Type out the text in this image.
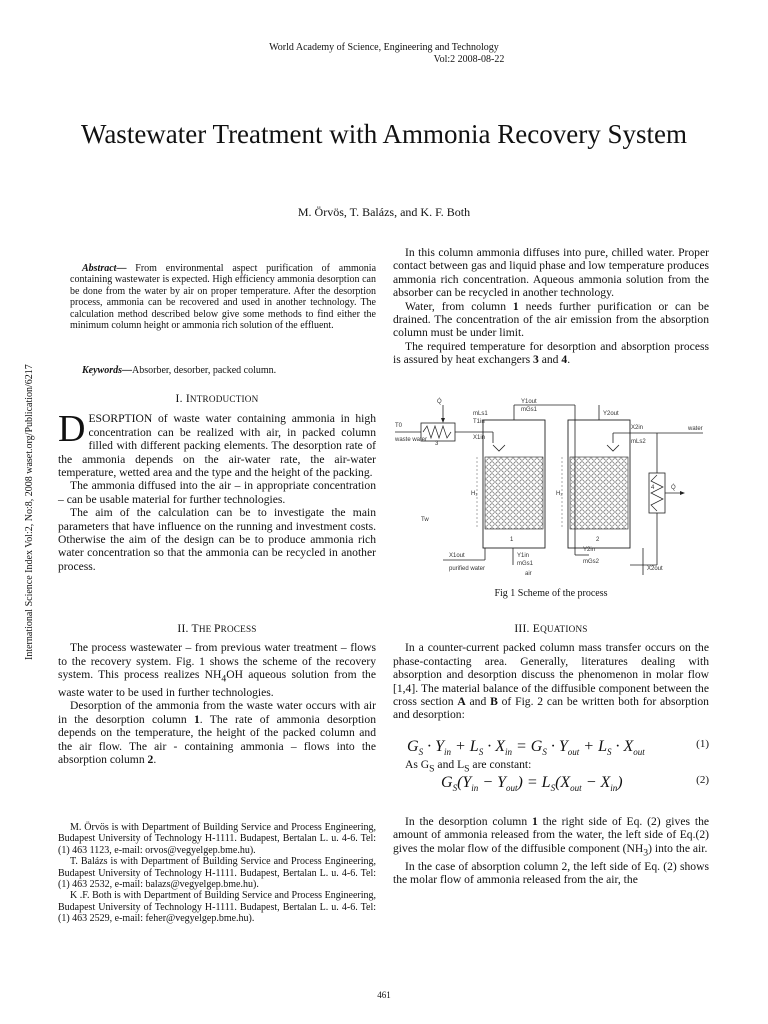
World Academy of Science, Engineering and Technology
Vol:2 2008-08-22
Wastewater Treatment with Ammonia Recovery System
M. Örvös, T. Balázs, and K. F. Both
International Science Index Vol:2, No:8, 2008 waset.org/Publication/6217

Abstract— From environmental aspect purification of ammonia containing wastewater is expected. High efficiency ammonia desorption can be done from the water by air on proper temperature. After the desorption process, ammonia can be recovered and used in another technology. The calculation method described below give some methods to find either the minimum column height or ammonia rich solution of the effluent.

Keywords—Absorber, desorber, packed column.

I. INTRODUCTION

DESORPTION of waste water containing ammonia in high concentration can be realized with air, in packed column filled with different packing elements. The desorption rate of the ammonia depends on the air-water rate, the air-water temperature, wetted area and the type and the height of the packing.

The ammonia diffused into the air – in appropriate concentration – can be usable material for further technologies.

The aim of the calculation can be to investigate the main parameters that have influence on the running and investment costs. Otherwise the aim of the design can be to produce ammonia rich water concentration so that the ammonia can be recycled in another process.

II. THE PROCESS

The process wastewater – from previous water treatment – flows to the recovery system. Fig. 1 shows the scheme of the recovery system. This process realizes $NH_4OH$ aqueous solution from the waste water to be used in further technologies.

Desorption of the ammonia from the waste water occurs with air in the desorption column 1. The rate of ammonia desorption depends on the temperature, the height of the packed column and the air flow. The air - containing ammonia – flows into the absorption column 2.

M. Örvös is with Department of Building Service and Process Engineering, Budapest University of Technology H-1111. Budapest, Bertalan L. u. 4-6. Tel: (1) 463 1123, e-mail: orvos@vegyelgep.bme.hu).

T. Balázs is with Department of Building Service and Process Engineering, Budapest University of Technology H-1111. Budapest, Bertalan L. u. 4-6. Tel: (1) 463 2532, e-mail: balazs@vegyelgep.bme.hu).

K .F. Both is with Department of Building Service and Process Engineering, Budapest University of Technology H-1111. Budapest, Bertalan L. u. 4-6. Tel: (1) 463 2529, e-mail: feher@vegyelgep.bme.hu).

In this column ammonia diffuses into pure, chilled water. Proper contact between gas and liquid phase and low temperature produces ammonia rich concentration. Aqueous ammonia solution from the absorber can be recycled in another technology.

Water, from column 1 needs further purification or can be drained. The concentration of the air emission from the absorption column must be under limit.

The required temperature for desorption and absorption process is assured by heat exchangers 3 and 4.

Q̇
Q̇
1	2
3
4
H₁	H₂
waste water
water
purified water
Y1out
mGs1
mLs1
T1in
X1in
Y2out
X2in
mLs2
T0
X1out	Y1in
mGs1
Y2in
mGs2
X2out
air
Tw
Fig 1 Scheme of the process
III. EQUATIONS

In a counter-current packed column mass transfer occurs on the phase-contacting area. Generally, literatures dealing with absorption and desorption discuss the phenomenon in molar flow [1,4]. The material balance of the diffusible component between the cross section A and B of Fig. 2 can be written both for absorption and desorption:

$G_S \cdot Y_{in} + L_S \cdot X_{in} = G_S \cdot Y_{out} + L_S \cdot X_{out}$
(1)

As $G_S$ and $L_S$ are constant:

$G_S(Y_{in} - Y_{out}) = L_S(X_{out} - X_{in})$	(2)

In the desorption column 1 the right side of Eq. (2) gives the amount of ammonia released from the water, the left side of Eq.(2) gives the molar flow of the diffusible component $(NH_3)$ into the air.

In the case of absorption column 2, the left side of Eq. (2) shows the molar flow of ammonia released from the air, the

461
